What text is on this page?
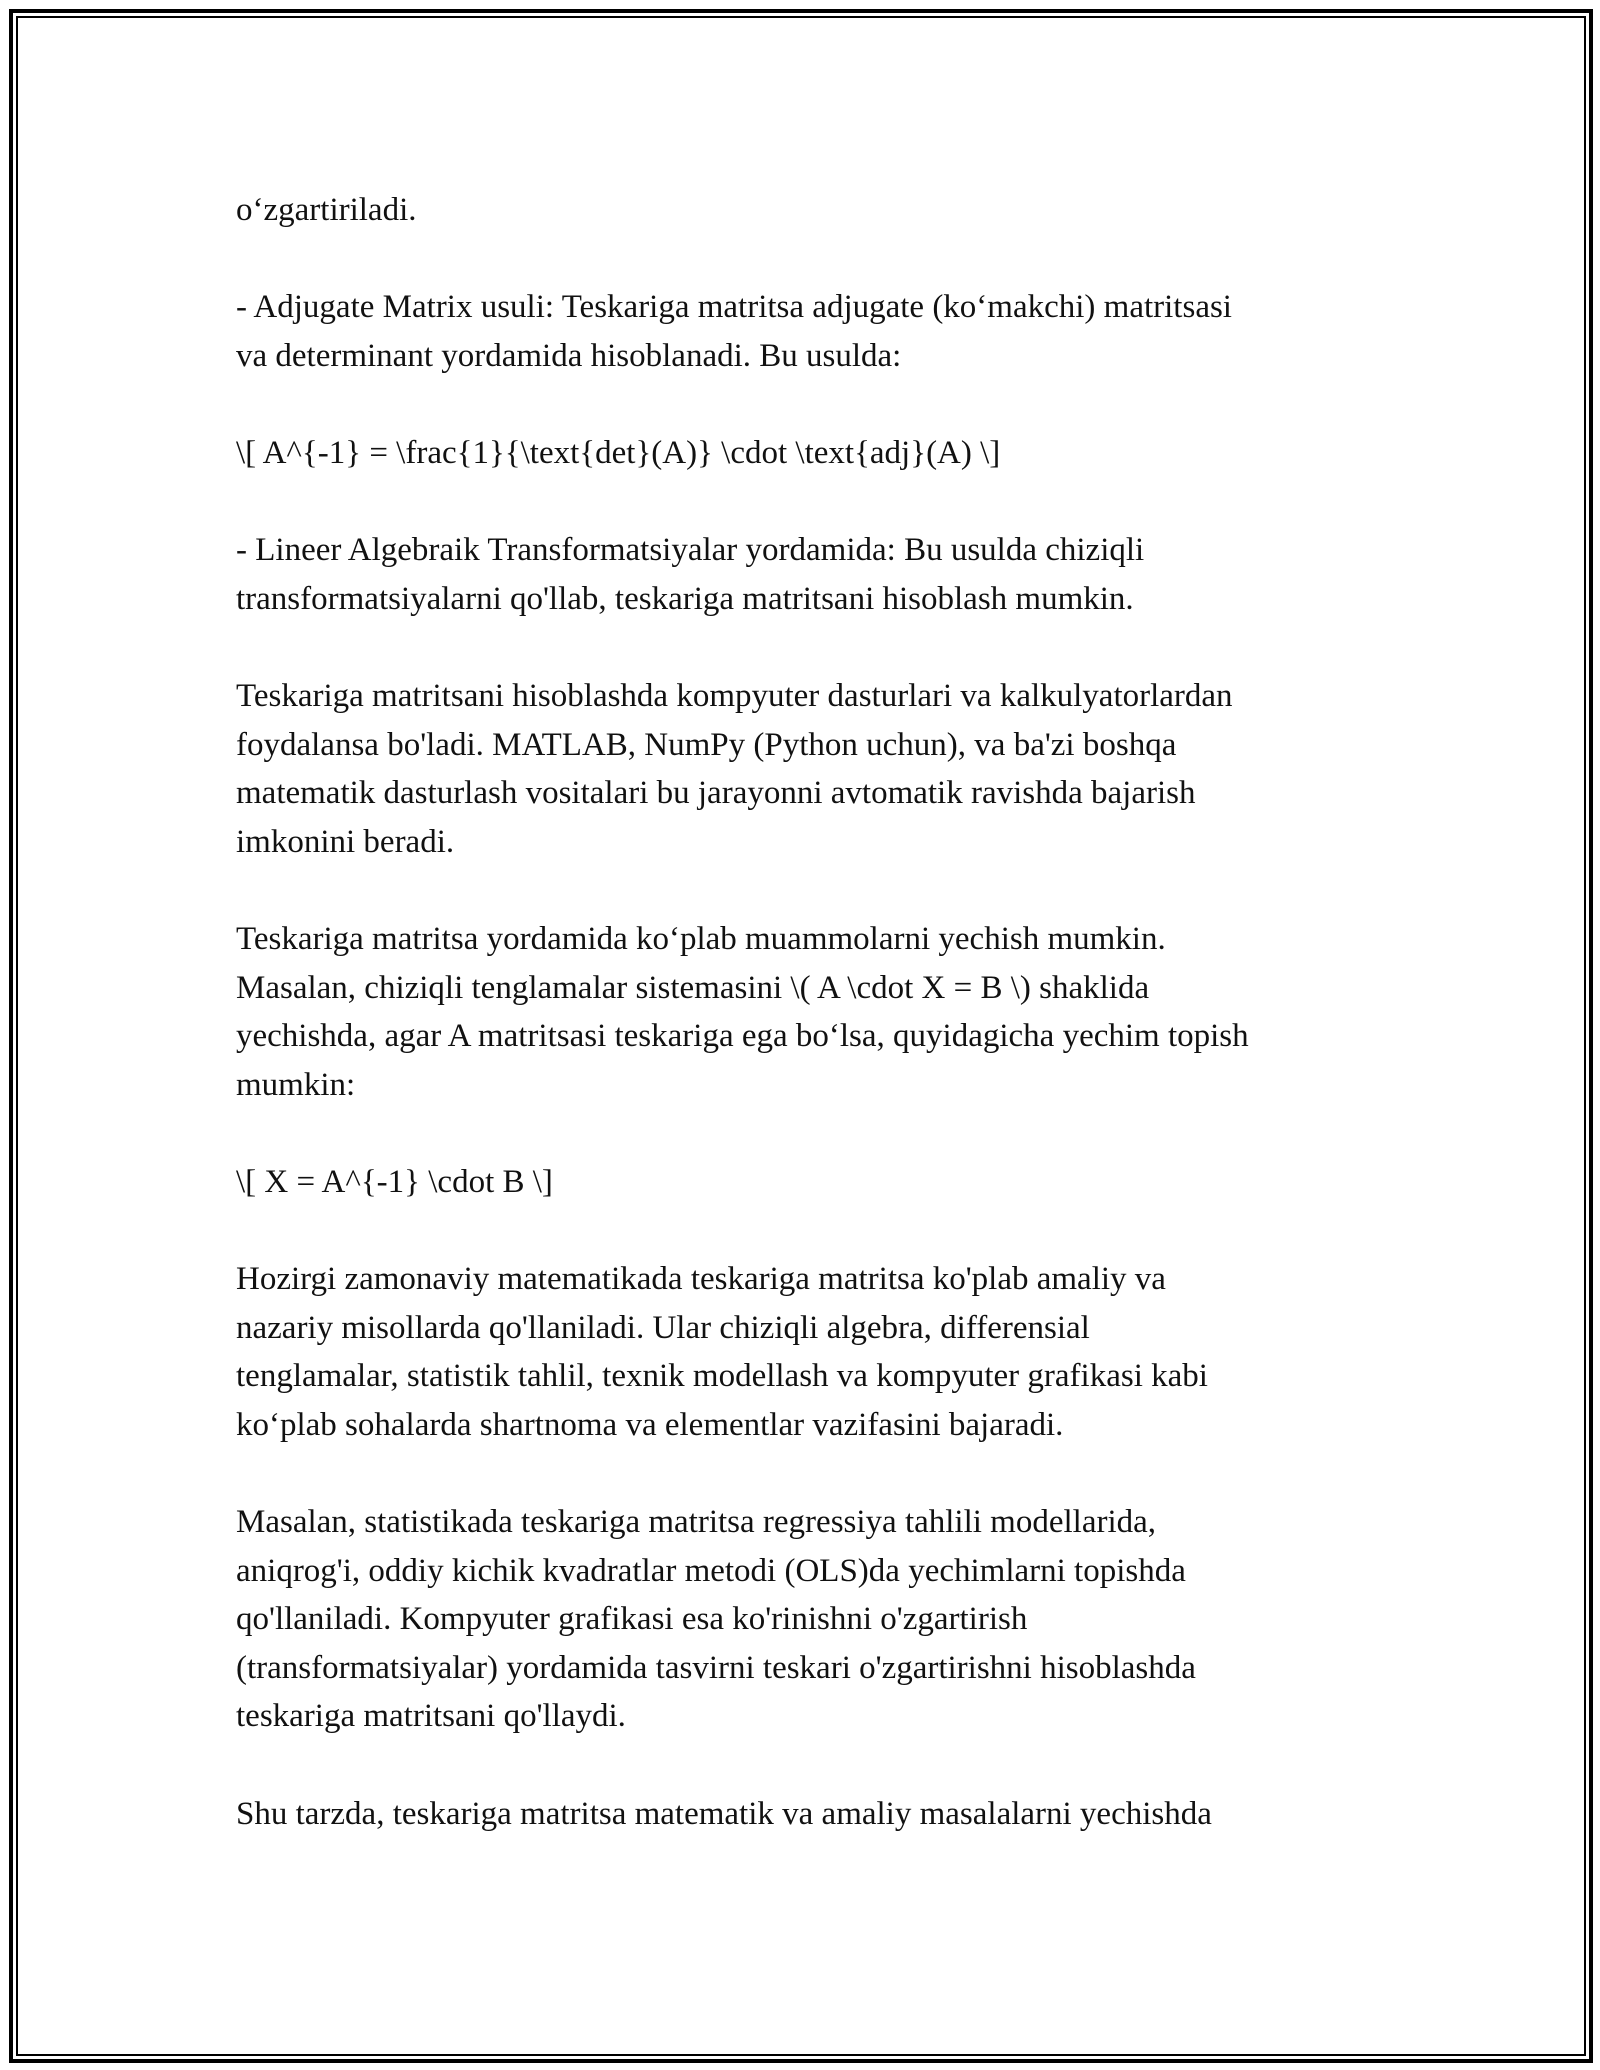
o‘zgartiriladi.

- Adjugate Matrix usuli: Teskariga matritsa adjugate (ko‘makchi) matritsasi
va determinant yordamida hisoblanadi. Bu usulda:

\[ A^{-1} = \frac{1}{\text{det}(A)} \cdot \text{adj}(A) \]

- Lineer Algebraik Transformatsiyalar yordamida: Bu usulda chiziqli
transformatsiyalarni qo'llab, teskariga matritsani hisoblash mumkin.

Teskariga matritsani hisoblashda kompyuter dasturlari va kalkulyatorlardan
foydalansa bo'ladi. MATLAB, NumPy (Python uchun), va ba'zi boshqa
matematik dasturlash vositalari bu jarayonni avtomatik ravishda bajarish
imkonini beradi.

Teskariga matritsa yordamida ko‘plab muammolarni yechish mumkin.
Masalan, chiziqli tenglamalar sistemasini \( A \cdot X = B \) shaklida
yechishda, agar A matritsasi teskariga ega bo‘lsa, quyidagicha yechim topish
mumkin:

\[ X = A^{-1} \cdot B \]

Hozirgi zamonaviy matematikada teskariga matritsa ko'plab amaliy va
nazariy misollarda qo'llaniladi. Ular chiziqli algebra, differensial
tenglamalar, statistik tahlil, texnik modellash va kompyuter grafikasi kabi
ko‘plab sohalarda shartnoma va elementlar vazifasini bajaradi.

Masalan, statistikada teskariga matritsa regressiya tahlili modellarida,
aniqrog'i, oddiy kichik kvadratlar metodi (OLS)da yechimlarni topishda
qo'llaniladi. Kompyuter grafikasi esa ko'rinishni o'zgartirish
(transformatsiyalar) yordamida tasvirni teskari o'zgartirishni hisoblashda
teskariga matritsani qo'llaydi.

Shu tarzda, teskariga matritsa matematik va amaliy masalalarni yechishda
